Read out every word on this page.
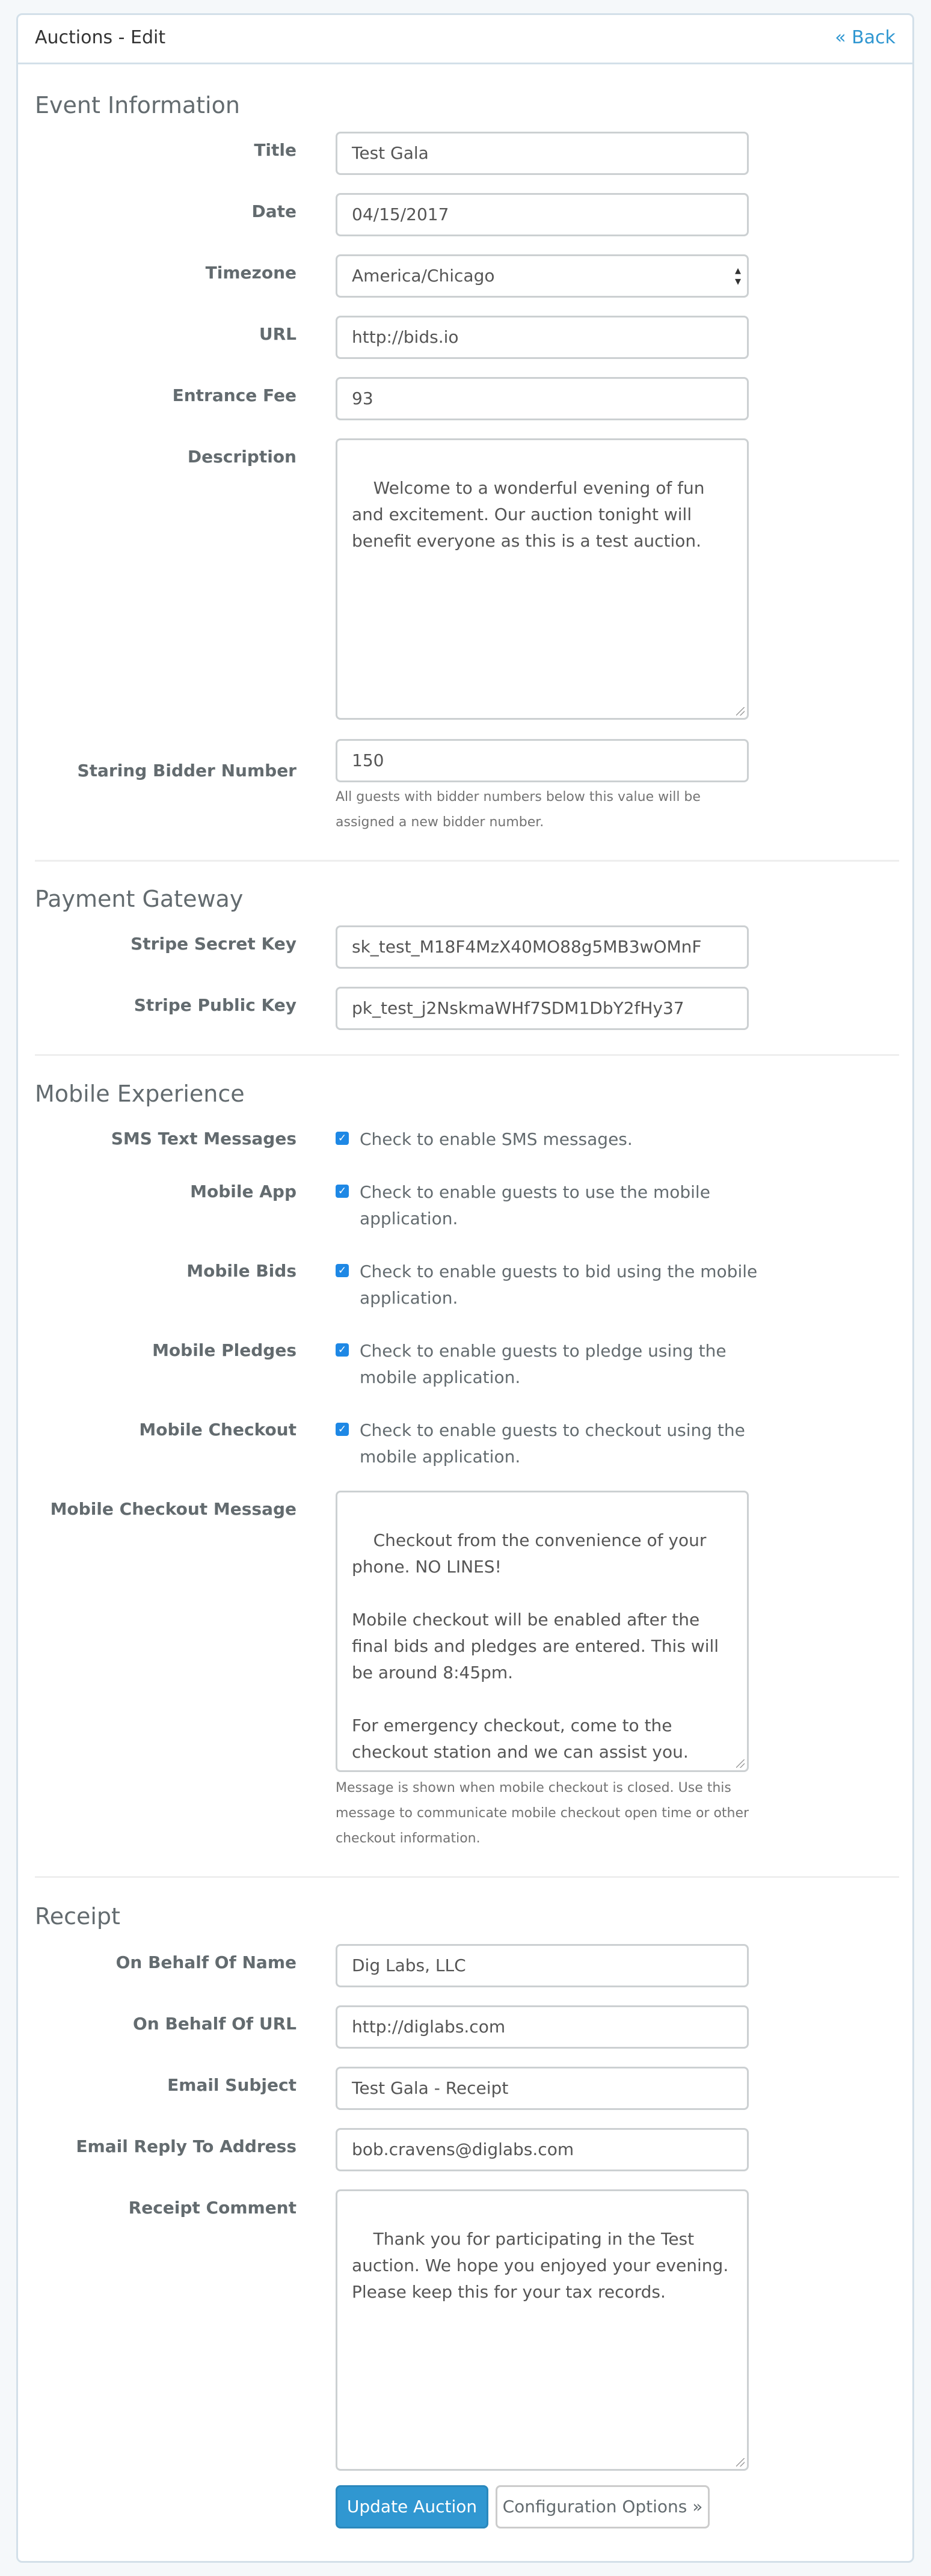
Auctions - Edit	« Back
Event Information
Title	Test Gala
Date	04/15/2017
Timezone	America/Chicago	▴
▾
URL	http://bids.io
Entrance Fee	93
Description

Welcome to a wonderful evening of fun and excitement. Our auction tonight will benefit everyone as this is a test auction.

Staring Bidder Number
150
All guests with bidder numbers below this value will be assigned a new bidder number.
Payment Gateway
Stripe Secret Key	sk_test_M18F4MzX40MO88g5MB3wOMnF
Stripe Public Key	pk_test_j2NskmaWHf7SDM1DbY2fHy37
Mobile Experience
SMS Text Messages	✓ Check to enable SMS messages.
Mobile App	✓ Check to enable guests to use the mobile application.
Mobile Bids	✓ Check to enable guests to bid using the mobile application.
Mobile Pledges	✓ Check to enable guests to pledge using the mobile application.
Mobile Checkout	✓ Check to enable guests to checkout using the mobile application.
Mobile Checkout Message

Checkout from the convenience of your phone. NO LINES!

Mobile checkout will be enabled after the final bids and pledges are entered. This will be around 8:45pm.

For emergency checkout, come to the checkout station and we can assist you.

Message is shown when mobile checkout is closed. Use this message to communicate mobile checkout open time or other checkout information.
Receipt
On Behalf Of Name	Dig Labs, LLC
On Behalf Of URL	http://diglabs.com
Email Subject	Test Gala - Receipt
Email Reply To Address	bob.cravens@diglabs.com
Receipt Comment

Thank you for participating in the Test auction. We hope you enjoyed your evening. Please keep this for your tax records.

Update Auction	Configuration Options »
